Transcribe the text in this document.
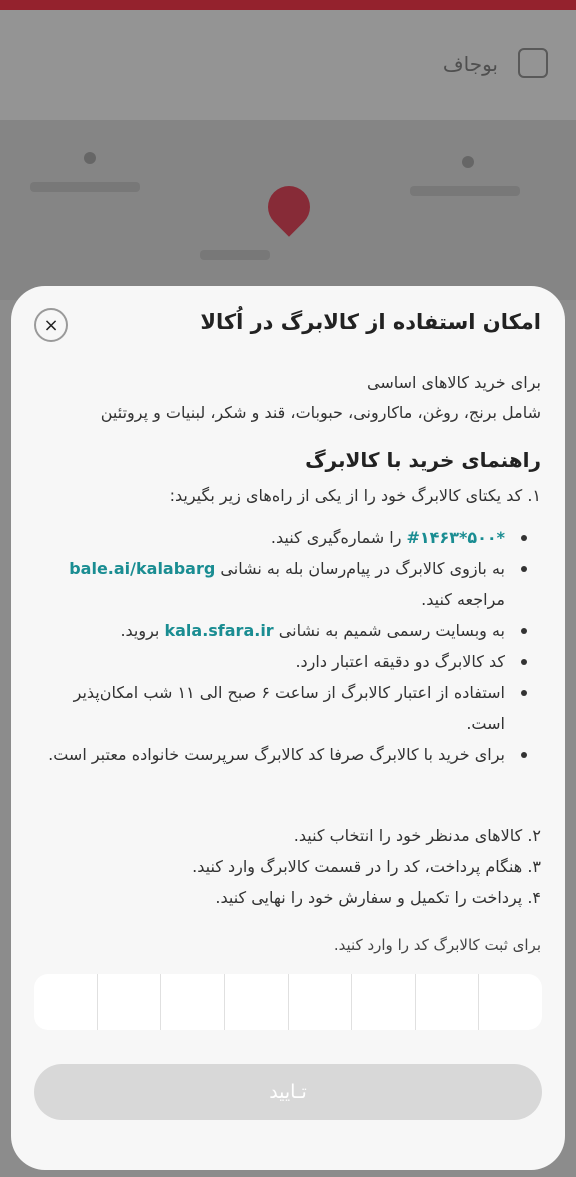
بوجاف
×	امکان استفاده از کالابرگ در اُکالا
برای خرید کالاهای اساسی
شامل برنج، روغن، ماکارونی، حبوبات، قند و شکر، لبنیات و پروتئین
راهنمای خرید با کالابرگ
۱. کد یکتای کالابرگ خود را از یکی از راه‌های زیر بگیرید:
#۱۴۶۳*۵۰۰* را شماره‌گیری کنید.
به بازوی کالابرگ در پیام‌رسان بله به نشانی bale.ai/kalabarg مراجعه کنید.
به وبسایت رسمی شمیم به نشانی kala.sfara.ir بروید.
کد کالابرگ دو دقیقه اعتبار دارد.
استفاده از اعتبار کالابرگ از ساعت ۶ صبح الی ۱۱ شب امکان‌پذیر است.
برای خرید با کالابرگ صرفا کد کالابرگ سرپرست خانواده معتبر است.
۲. کالاهای مدنظر خود را انتخاب کنید.
۳. هنگام پرداخت، کد را در قسمت کالابرگ وارد کنید.
۴. پرداخت را تکمیل و سفارش خود را نهایی کنید.
برای ثبت کالابرگ کد را وارد کنید.
تـایید
